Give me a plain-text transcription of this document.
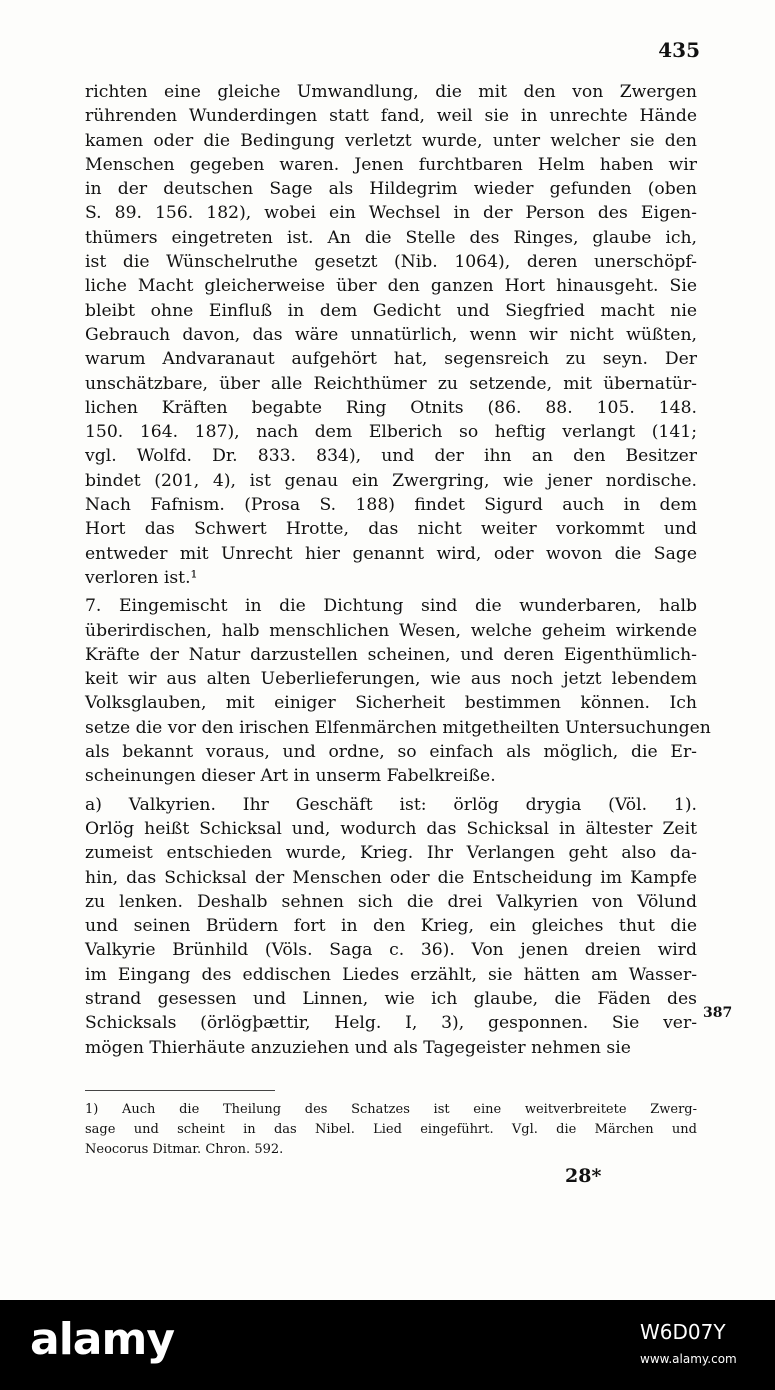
435
richten eine gleiche Umwandlung, die mit den von Zwergen
rührenden Wunderdingen statt fand, weil sie in unrechte Hände
kamen oder die Bedingung verletzt wurde, unter welcher sie den
Menschen gegeben waren. Jenen furchtbaren Helm haben wir
in der deutschen Sage als Hildegrim wieder gefunden (oben
S. 89. 156. 182), wobei ein Wechsel in der Person des Eigen-
thümers eingetreten ist. An die Stelle des Ringes, glaube ich,
ist die Wünschelruthe gesetzt (Nib. 1064), deren unerschöpf-
liche Macht gleicherweise über den ganzen Hort hinausgeht. Sie
bleibt ohne Einfluß in dem Gedicht und Siegfried macht nie
Gebrauch davon, das wäre unnatürlich, wenn wir nicht wüßten,
warum Andvaranaut aufgehört hat, segensreich zu seyn. Der
unschätzbare, über alle Reichthümer zu setzende, mit übernatür-
lichen Kräften begabte Ring Otnits (86. 88. 105. 148.
150. 164. 187), nach dem Elberich so heftig verlangt (141;
vgl. Wolfd. Dr. 833. 834), und der ihn an den Besitzer
bindet (201, 4), ist genau ein Zwergring, wie jener nordische.
Nach Fafnism. (Prosa S. 188) findet Sigurd auch in dem
Hort das Schwert Hrotte, das nicht weiter vorkommt und
entweder mit Unrecht hier genannt wird, oder wovon die Sage
verloren ist.¹
7. Eingemischt in die Dichtung sind die wunderbaren, halb
überirdischen, halb menschlichen Wesen, welche geheim wirkende
Kräfte der Natur darzustellen scheinen, und deren Eigenthümlich-
keit wir aus alten Ueberlieferungen, wie aus noch jetzt lebendem
Volksglauben, mit einiger Sicherheit bestimmen können. Ich
setze die vor den irischen Elfenmärchen mitgetheilten Untersuchungen
als bekannt voraus, und ordne, so einfach als möglich, die Er-
scheinungen dieser Art in unserm Fabelkreiße.
a) Valkyrien. Ihr Geschäft ist: örlög drygia (Völ. 1).
Orlög heißt Schicksal und, wodurch das Schicksal in ältester Zeit
zumeist entschieden wurde, Krieg. Ihr Verlangen geht also da-
hin, das Schicksal der Menschen oder die Entscheidung im Kampfe
zu lenken. Deshalb sehnen sich die drei Valkyrien von Völund
und seinen Brüdern fort in den Krieg, ein gleiches thut die
Valkyrie Brünhild (Völs. Saga c. 36). Von jenen dreien wird
im Eingang des eddischen Liedes erzählt, sie hätten am Wasser-
strand gesessen und Linnen, wie ich glaube, die Fäden des
Schicksals (örlögþættir, Helg. I, 3), gesponnen. Sie ver-
mögen Thierhäute anzuziehen und als Tagegeister nehmen sie
387
1) Auch die Theilung des Schatzes ist eine weitverbreitete Zwerg-
sage und scheint in das Nibel. Lied eingeführt. Vgl. die Märchen und
Neocorus Ditmar. Chron. 592.
28*
alamy	W6D07Y
www.alamy.com
